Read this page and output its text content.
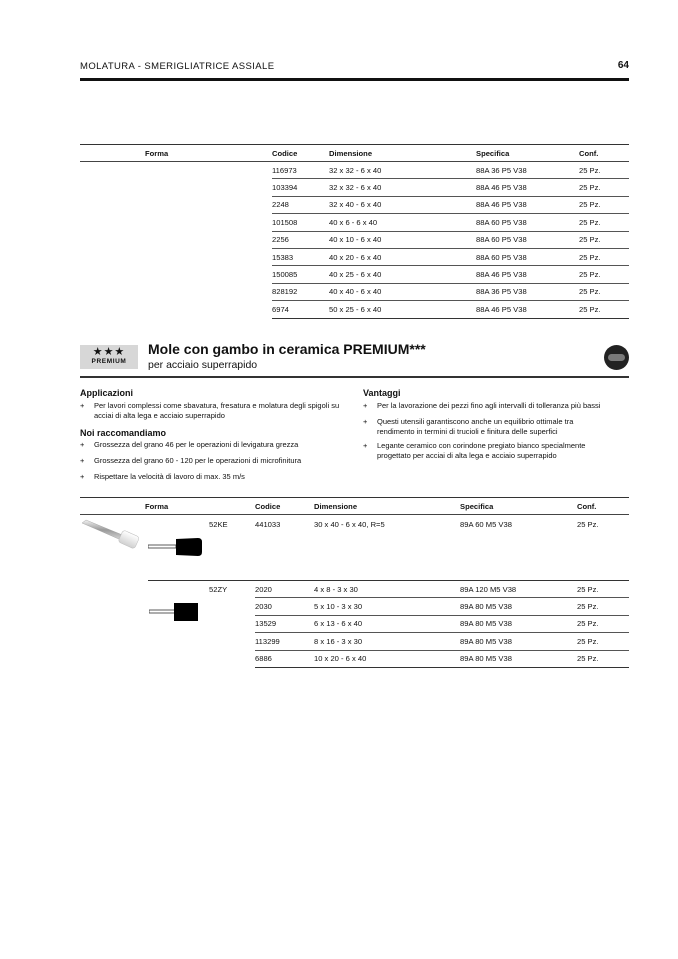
MOLATURA - SMERIGLIATRICE ASSIALE	64
Forma	Codice	Dimensione	Specifica	Conf.
	116973	32 x 32 - 6 x 40	88A 36 P5 V38	25 Pz.
	103394	32 x 32 - 6 x 40	88A 46 P5 V38	25 Pz.
	2248	32 x 40 - 6 x 40	88A 46 P5 V38	25 Pz.
	101508	40 x 6 - 6 x 40	88A 60 P5 V38	25 Pz.
	2256	40 x 10 - 6 x 40	88A 60 P5 V38	25 Pz.
	15383	40 x 20 - 6 x 40	88A 60 P5 V38	25 Pz.
	150085	40 x 25 - 6 x 40	88A 46 P5 V38	25 Pz.
	828192	40 x 40 - 6 x 40	88A 36 P5 V38	25 Pz.
	6974	50 x 25 - 6 x 40	88A 46 P5 V38	25 Pz.
★★★
PREMIUM
Mole con gambo in ceramica PREMIUM***
per acciaio superrapido
Applicazioni
+ Per lavori complessi come sbavatura, fresatura e molatura degli spigoli su acciai di alta lega e acciaio superrapido
Noi raccomandiamo
+ Grossezza del grano 46 per le operazioni di levigatura grezza
+ Grossezza del grano 60 - 120 per le operazioni di microfinitura
+ Rispettare la velocità di lavoro di max. 35 m/s
Vantaggi
+ Per la lavorazione dei pezzi fino agli intervalli di tolleranza più bassi
+ Questi utensili garantiscono anche un equilibrio ottimale tra rendimento in termini di trucioli e finitura delle superfici
+ Legante ceramico con corindone pregiato bianco specialmente progettato per acciai di alta lega e acciaio superrapido
Forma		Codice	Dimensione	Specifica	Conf.
	52KE	441033	30 x 40 - 6 x 40, R=5	89A 60 M5 V38	25 Pz.
	52ZY	2020	4 x 8 - 3 x 30	89A 120 M5 V38	25 Pz.
		2030	5 x 10 - 3 x 30	89A 80 M5 V38	25 Pz.
		13529	6 x 13 - 6 x 40	89A 80 M5 V38	25 Pz.
		113299	8 x 16 - 3 x 30	89A 80 M5 V38	25 Pz.
		6886	10 x 20 - 6 x 40	89A 80 M5 V38	25 Pz.
